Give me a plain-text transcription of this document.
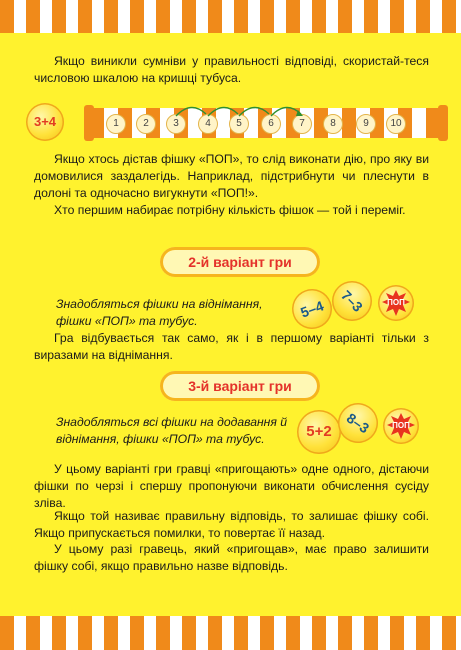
Якщо виникли сумніви у правильності відповіді, скористай-теся числовою шкалою на кришці тубуса.

3+4	1	2	3	4	5	6	7	8	9	10

Якщо хтось дістав фішку «ПОП», то слід виконати дію, про яку ви домовилися заздалегідь. Наприклад, підстрибнути чи плеснути в долоні та одночасно вигукнути «ПОП!».

Хто першим набирає потрібну кількість фішок — той і переміг.

2-й варіант гри

Знадобляться фішки на віднімання, фішки «ПОП» та тубус.

5–4 7–3	ПОП

Гра відбувається так само, як і в першому варіанті тільки з виразами на віднімання.

3-й варіант гри

Знадобляться всі фішки на додавання й віднімання, фішки «ПОП» та тубус.	5+2 8–3	ПОП

У цьому варіанті гри гравці «пригощають» одне одного, дістаючи фішки по черзі і спершу пропонуючи виконати обчислення сусіду зліва.

Якщо той називає правильну відповідь, то залишає фішку собі. Якщо припускається помилки, то повертає її назад.

У цьому разі гравець, який «пригощав», має право залишити фішку собі, якщо правильно назве відповідь.
